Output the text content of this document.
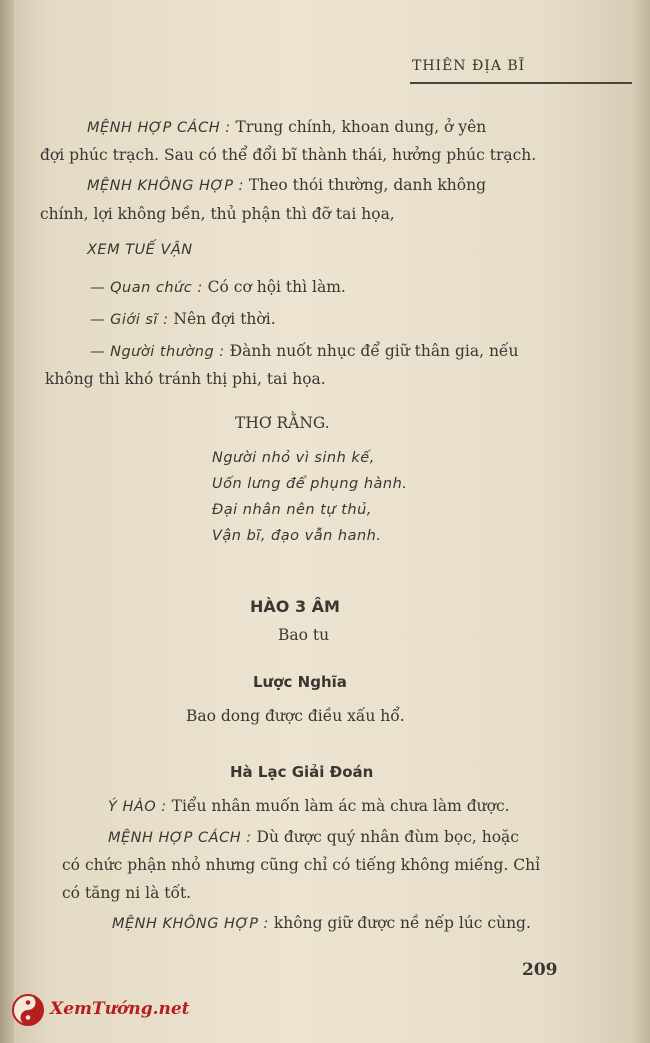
THIÊN ĐỊA BĨ
MỆNH HỢP CÁCH : Trung chính, khoan dung, ở yên
đợi phúc trạch. Sau có thể đổi bĩ thành thái, hưởng phúc trạch.
MỆNH KHÔNG HỢP : Theo thói thường, danh không
chính, lợi không bền, thủ phận thì đỡ tai họa,
XEM TUẾ VẬN
— Quan chức : Có cơ hội thì làm.
— Giới sĩ : Nên đợi thời.
— Người thường : Đành nuốt nhục để giữ thân gia, nếu
không thì khó tránh thị phi, tai họa.
THƠ RẰNG.
Người nhỏ vì sinh kế,
Uốn lưng để phụng hành.
Đại nhân nên tự thủ,
Vận bĩ, đạo vẫn hanh.
HÀO 3 ÂM
Bao tu
Lược Nghĩa
Bao dong được điều xấu hổ.
Hà Lạc Giải Đoán
Ý HÀO : Tiểu nhân muốn làm ác mà chưa làm được.
MỆNH HỢP CÁCH : Dù được quý nhân đùm bọc, hoặc
có chức phận nhỏ nhưng cũng chỉ có tiếng không miếng. Chỉ
có tăng ni là tốt.
MỆNH KHÔNG HỢP : không giữ được nề nếp lúc cùng.
209
XemTướng.net
